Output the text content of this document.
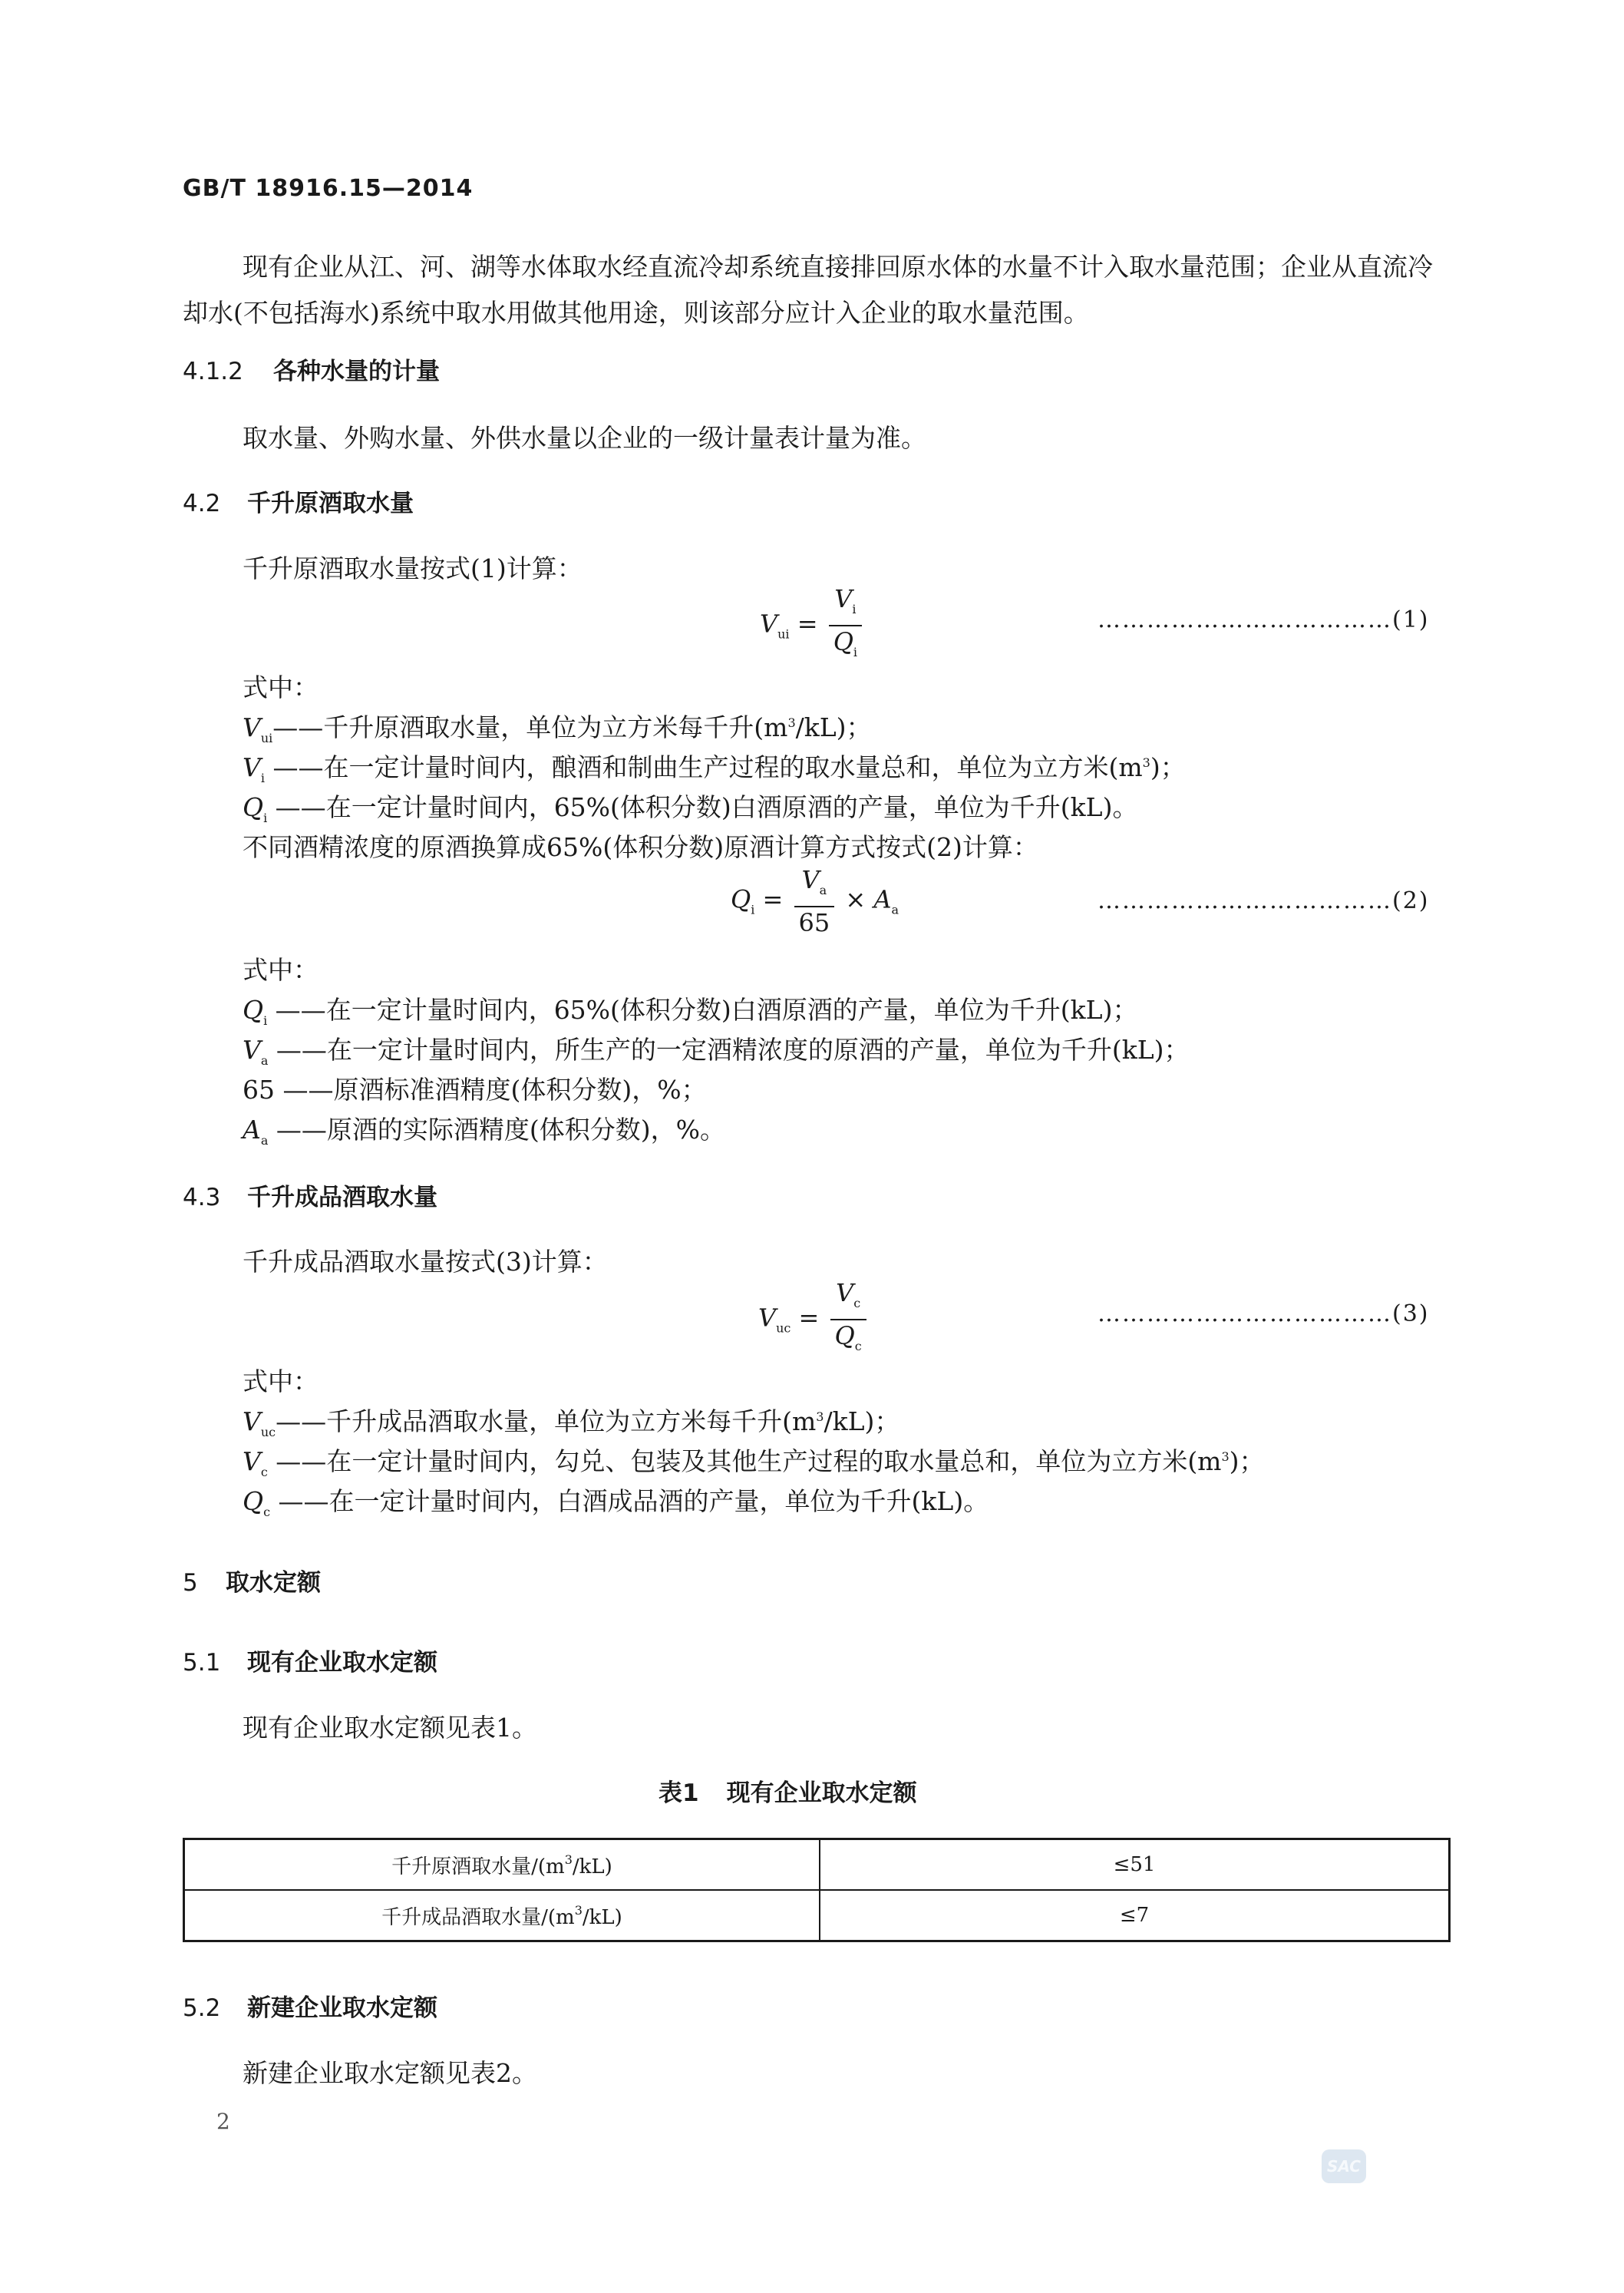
GB/T 18916.15—2014
现有企业从江、河、湖等水体取水经直流冷却系统直接排回原水体的水量不计入取水量范围；企业从直流冷却水(不包括海水)系统中取水用做其他用途，则该部分应计入企业的取水量范围。
4.1.2 各种水量的计量
取水量、外购水量、外供水量以企业的一级计量表计量为准。
4.2 千升原酒取水量
千升原酒取水量按式(1)计算：
$V_{ui} = \frac{V_i}{Q_i}$	………………………………(1)
式中：
$V_{ui}——$千升原酒取水量，单位为立方米每千升$(m^3/kL)$；
$V_i$ ——在一定计量时间内，酿酒和制曲生产过程的取水量总和，单位为立方米$(m^3)$；
$Q_i$ ——在一定计量时间内，65%(体积分数)白酒原酒的产量，单位为千升(kL)。
不同酒精浓度的原酒换算成65%(体积分数)原酒计算方式按式(2)计算：
$Q_i = \frac{V_a}{65} \times A_a$	………………………………(2)
式中：
$Q_i$ ——在一定计量时间内，65%(体积分数)白酒原酒的产量，单位为千升(kL)；
$V_a$ ——在一定计量时间内，所生产的一定酒精浓度的原酒的产量，单位为千升(kL)；
65 ——原酒标准酒精度(体积分数)，%；
$A_a$ ——原酒的实际酒精度(体积分数)，%。
4.3 千升成品酒取水量
千升成品酒取水量按式(3)计算：
$V_{uc} = \frac{V_c}{Q_c}$	………………………………(3)
式中：
$V_{uc}——$千升成品酒取水量，单位为立方米每千升$(m^3/kL)$；
$V_c$ ——在一定计量时间内，勾兑、包装及其他生产过程的取水量总和，单位为立方米$(m^3)$；
$Q_c$ ——在一定计量时间内，白酒成品酒的产量，单位为千升(kL)。
5 取水定额
5.1 现有企业取水定额
现有企业取水定额见表1。
表1 现有企业取水定额
千升原酒取水量$/(m^3/kL)$	≤51
千升成品酒取水量$/(m^3/kL)$	≤7
5.2 新建企业取水定额
新建企业取水定额见表2。
2
SAC
